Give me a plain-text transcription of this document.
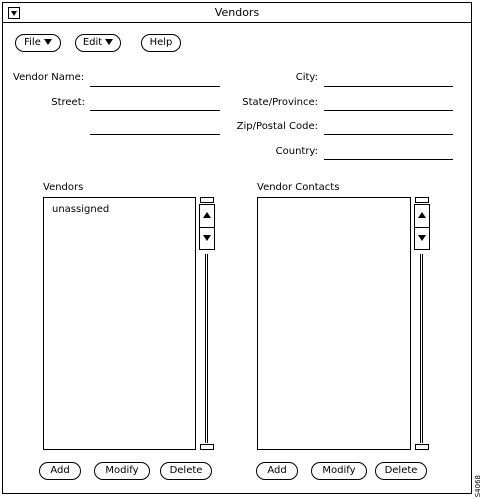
Vendors
File	Edit	Help
Vendor Name:
Street:
City:
State/Province:
Zip/Postal Code:
Country:
Vendors
unassigned
Add	Modify	Delete
Vendor Contacts
Add	Modify	Delete
S4068
